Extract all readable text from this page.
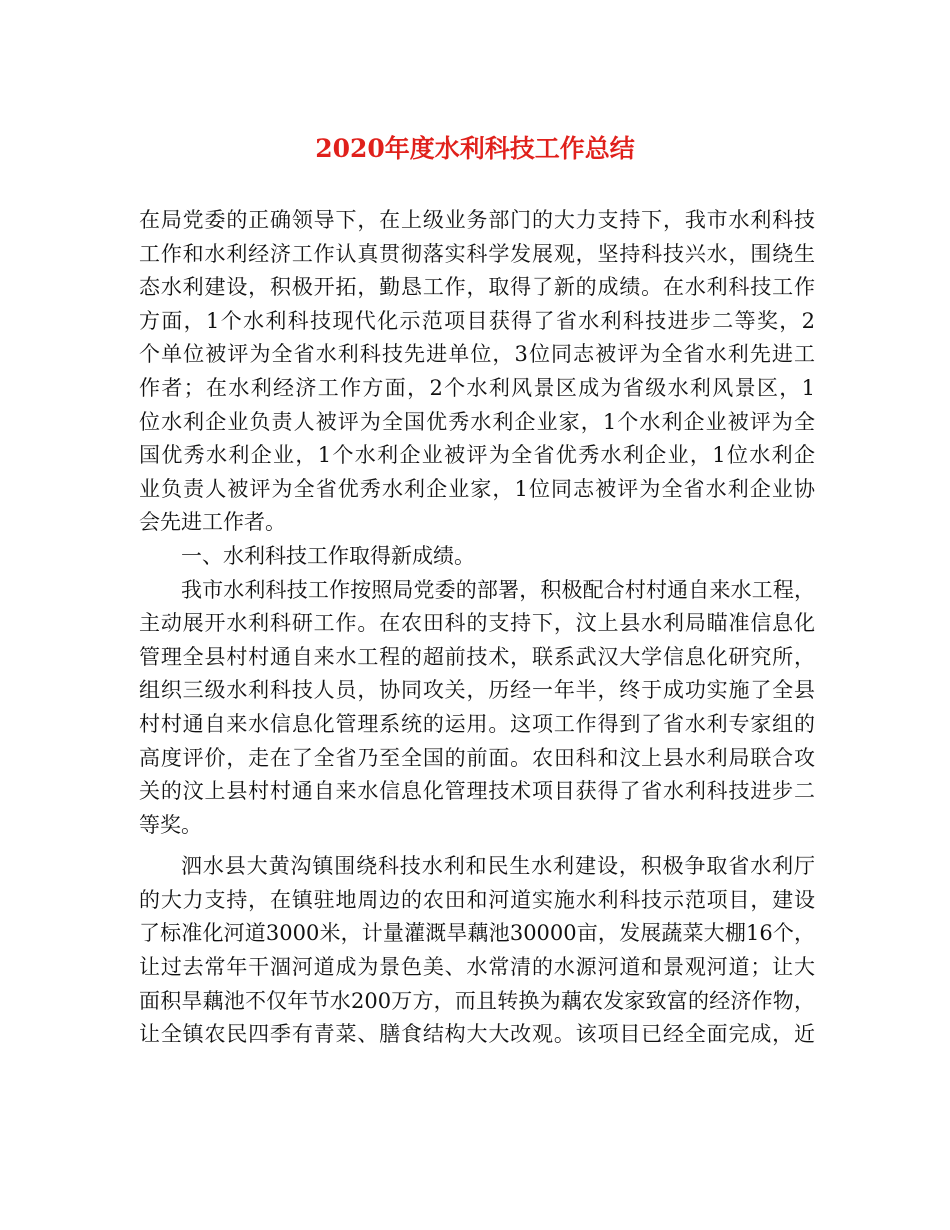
2020年度水利科技工作总结
在局党委的正确领导下，在上级业务部门的大力支持下，我市水利科技
工作和水利经济工作认真贯彻落实科学发展观，坚持科技兴水，围绕生
态水利建设，积极开拓，勤恳工作，取得了新的成绩。在水利科技工作
方面，1个水利科技现代化示范项目获得了省水利科技进步二等奖，2
个单位被评为全省水利科技先进单位，3位同志被评为全省水利先进工
作者；在水利经济工作方面，2个水利风景区成为省级水利风景区，1
位水利企业负责人被评为全国优秀水利企业家，1个水利企业被评为全
国优秀水利企业，1个水利企业被评为全省优秀水利企业，1位水利企
业负责人被评为全省优秀水利企业家，1位同志被评为全省水利企业协
会先进工作者。
一、水利科技工作取得新成绩。
我市水利科技工作按照局党委的部署，积极配合村村通自来水工程，
主动展开水利科研工作。在农田科的支持下，汶上县水利局瞄准信息化
管理全县村村通自来水工程的超前技术，联系武汉大学信息化研究所，
组织三级水利科技人员，协同攻关，历经一年半，终于成功实施了全县
村村通自来水信息化管理系统的运用。这项工作得到了省水利专家组的
高度评价，走在了全省乃至全国的前面。农田科和汶上县水利局联合攻
关的汶上县村村通自来水信息化管理技术项目获得了省水利科技进步二
等奖。
泗水县大黄沟镇围绕科技水利和民生水利建设，积极争取省水利厅
的大力支持，在镇驻地周边的农田和河道实施水利科技示范项目，建设
了标准化河道3000米，计量灌溉旱藕池30000亩，发展蔬菜大棚16个，
让过去常年干涸河道成为景色美、水常清的水源河道和景观河道；让大
面积旱藕池不仅年节水200万方，而且转换为藕农发家致富的经济作物，
让全镇农民四季有青菜、膳食结构大大改观。该项目已经全面完成，近
